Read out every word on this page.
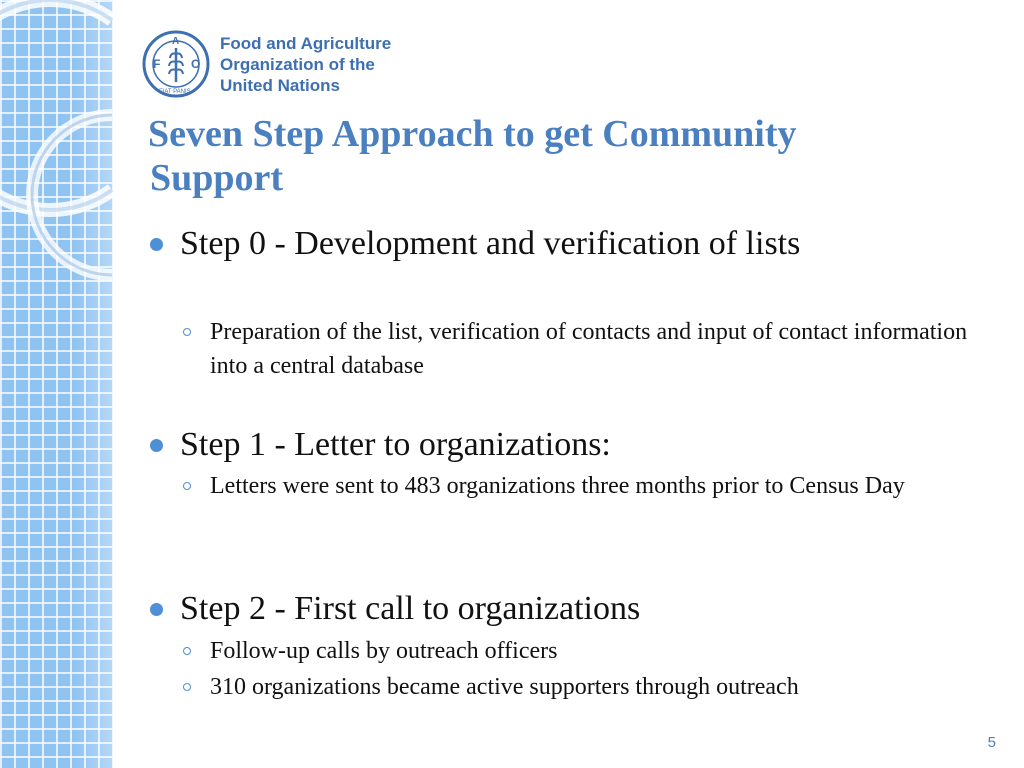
F
A
O
FIAT PANIS
Food and Agriculture
Organization of the
United Nations
Seven Step Approach to get Community
Support
Step 0 - Development and verification of lists
Preparation of the list, verification of contacts and input of contact information into a central database
Step 1 - Letter to organizations:
Letters were sent to 483 organizations three months prior to Census Day
Step 2 - First call to organizations
Follow-up calls by outreach officers
310 organizations became active supporters through outreach
5
